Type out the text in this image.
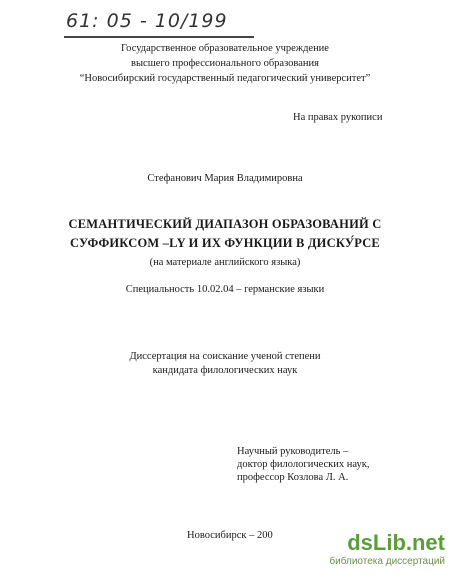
61: 05 - 10/199
Государственное образовательное учреждение
высшего профессионального образования
“Новосибирский государственный педагогический университет”
На правах рукописи
Стефанович Мария Владимировна
СЕМАНТИЧЕСКИЙ ДИАПАЗОН ОБРАЗОВАНИЙ С
СУФФИКСОМ –LY И ИХ ФУНКЦИИ В ДИСКУ́РСЕ
(на материале английского языка)
Специальность 10.02.04 – германские языки
Диссертация на соискание ученой степени
кандидата филологических наук
Научный руководитель –
доктор филологических наук,
профессор Козлова Л. А.
Новосибирск – 200	dsLib.net
библиотека диссертаций
